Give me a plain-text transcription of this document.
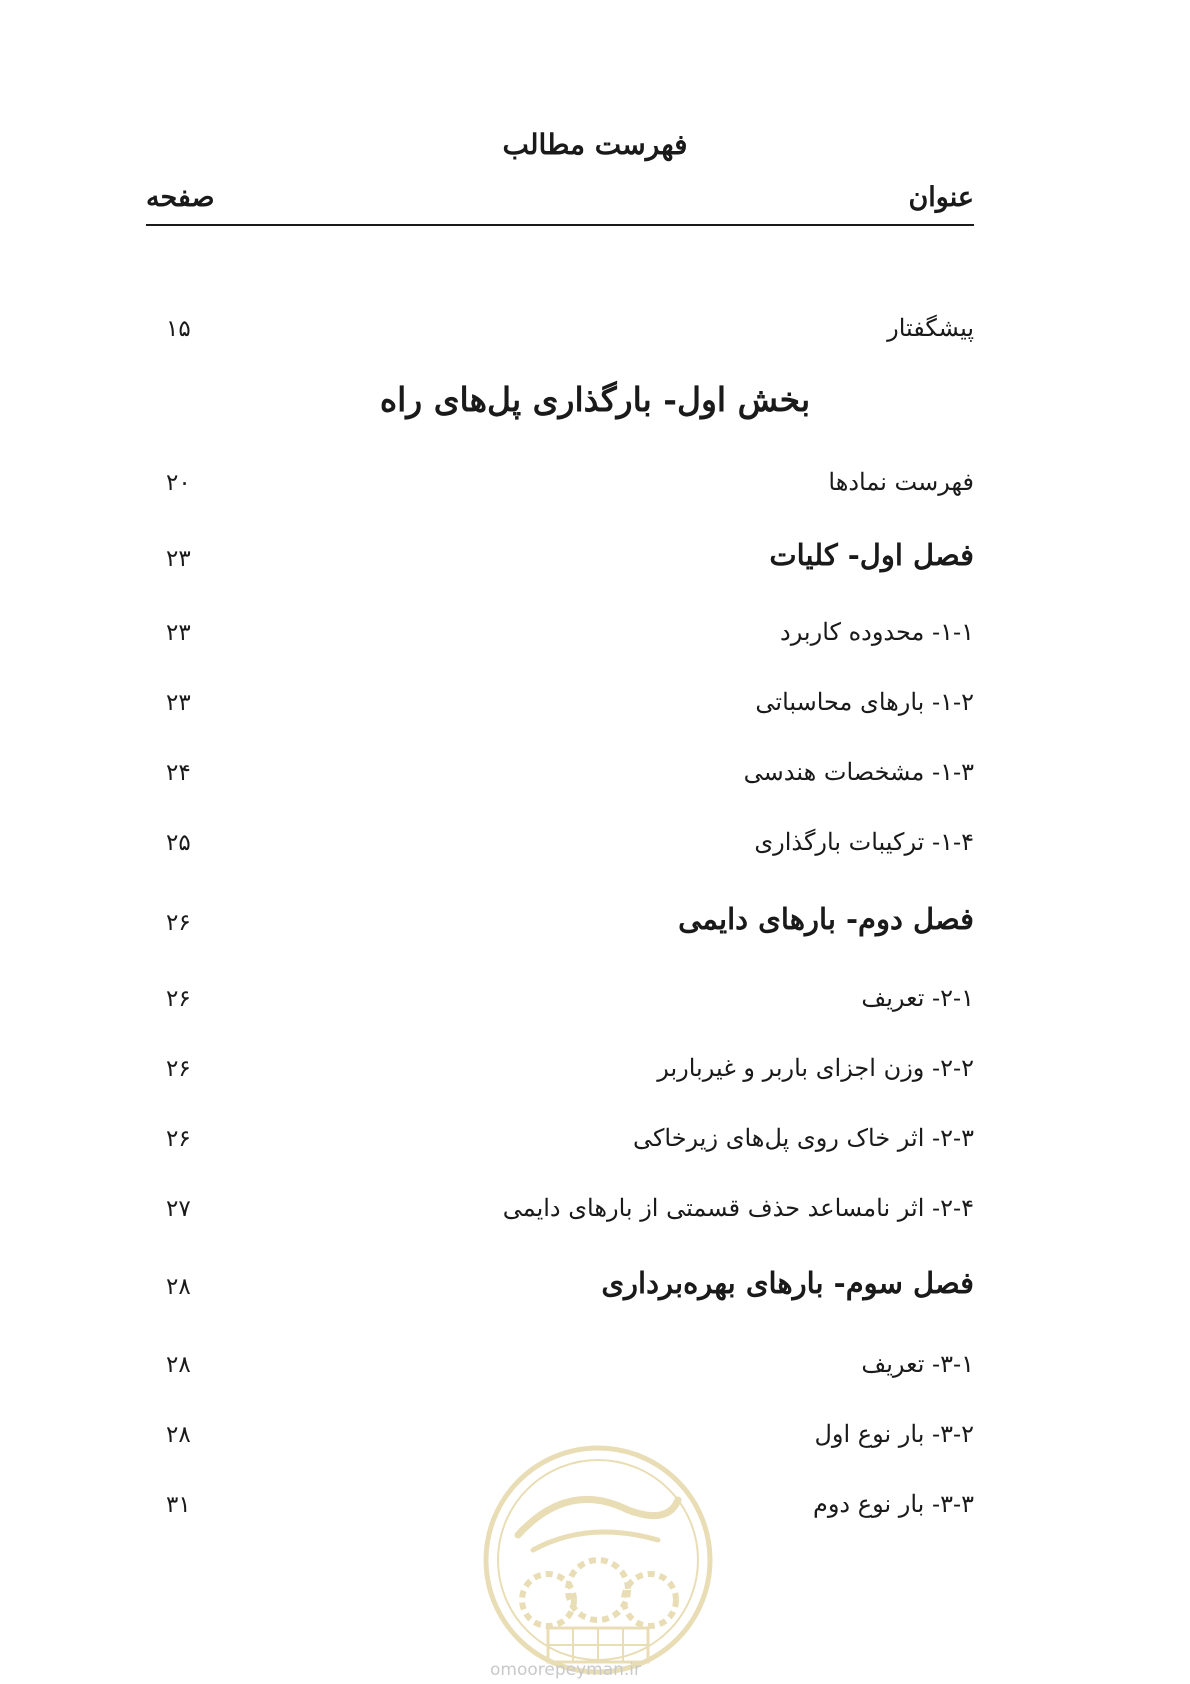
فهرست مطالب
عنوان
صفحه
پیشگفتار
۱۵
بخش اول- بارگذاری پل‌های راه
فهرست نمادها
۲۰
فصل اول- کلیات
۲۳
۱-۱- محدوده کاربرد
۲۳
۱-۲- بارهای محاسباتی
۲۳
۱-۳- مشخصات هندسی
۲۴
۱-۴- ترکیبات بارگذاری
۲۵
فصل دوم- بارهای دایمی
۲۶
۲-۱- تعریف
۲۶
۲-۲- وزن اجزای باربر و غیرباربر
۲۶
۲-۳- اثر خاک روی پل‌های زیرخاکی
۲۶
۲-۴- اثر نامساعد حذف قسمتی از بارهای دایمی
۲۷
فصل سوم- بارهای بهره‌برداری
۲۸
۳-۱- تعریف
۲۸
۳-۲- بار نوع اول
۲۸
۳-۳- بار نوع دوم
۳۱
omoorepeyman.ir
